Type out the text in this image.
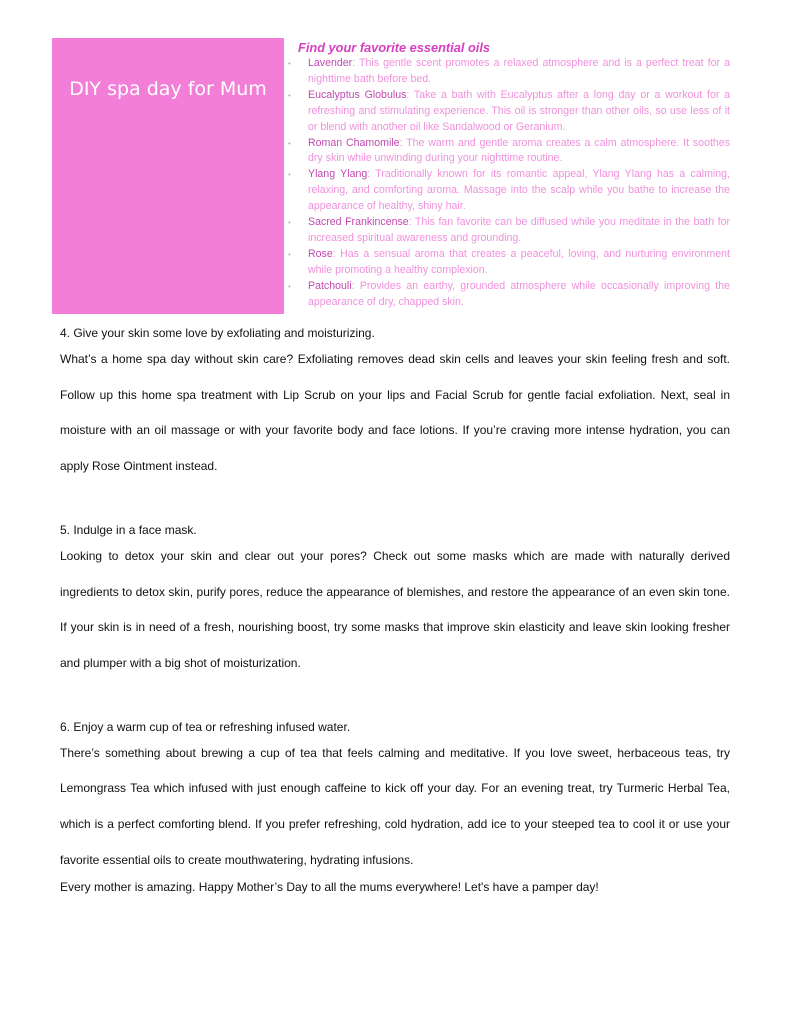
DIY spa day for Mum

Find your favorite essential oils

• Lavender: This gentle scent promotes a relaxed atmosphere and is a perfect treat for a nighttime bath before bed.
• Eucalyptus Globulus: Take a bath with Eucalyptus after a long day or a workout for a refreshing and stimulating experience. This oil is stronger than other oils, so use less of it or blend with another oil like Sandalwood or Geranium.
• Roman Chamomile: The warm and gentle aroma creates a calm atmosphere. It soothes dry skin while unwinding during your nighttime routine.
• Ylang Ylang: Traditionally known for its romantic appeal, Ylang Ylang has a calming, relaxing, and comforting aroma. Massage into the scalp while you bathe to increase the appearance of healthy, shiny hair.
• Sacred Frankincense: This fan favorite can be diffused while you meditate in the bath for increased spiritual awareness and grounding.
• Rose: Has a sensual aroma that creates a peaceful, loving, and nurturing environment while promoting a healthy complexion.
• Patchouli: Provides an earthy, grounded atmosphere while occasionally improving the appearance of dry, chapped skin.

4. Give your skin some love by exfoliating and moisturizing.

What’s a home spa day without skin care? Exfoliating removes dead skin cells and leaves your skin feeling fresh and soft. Follow up this home spa treatment with Lip Scrub on your lips and Facial Scrub for gentle facial exfoliation. Next, seal in moisture with an oil massage or with your favorite body and face lotions. If you’re craving more intense hydration, you can apply Rose Ointment instead.

5. Indulge in a face mask.

Looking to detox your skin and clear out your pores? Check out some masks which are made with naturally derived ingredients to detox skin, purify pores, reduce the appearance of blemishes, and restore the appearance of an even skin tone. If your skin is in need of a fresh, nourishing boost, try some masks that improve skin elasticity and leave skin looking fresher and plumper with a big shot of moisturization.

6. Enjoy a warm cup of tea or refreshing infused water.

There’s something about brewing a cup of tea that feels calming and meditative. If you love sweet, herbaceous teas, try Lemongrass Tea which infused with just enough caffeine to kick off your day. For an evening treat, try Turmeric Herbal Tea, which is a perfect comforting blend. If you prefer refreshing, cold hydration, add ice to your steeped tea to cool it or use your favorite essential oils to create mouthwatering, hydrating infusions.

Every mother is amazing. Happy Mother’s Day to all the mums everywhere! Let's have a pamper day!
